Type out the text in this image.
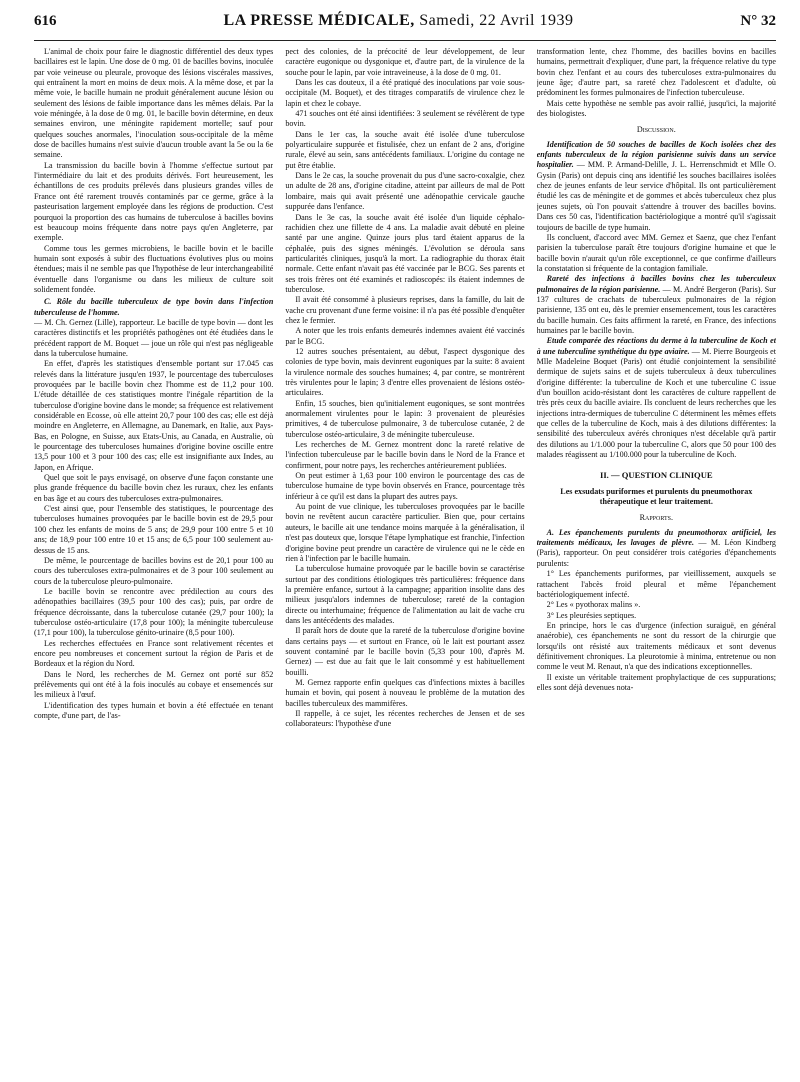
616	LA PRESSE MÉDICALE, Samedi, 22 Avril 1939	N° 32

L'animal de choix pour faire le diagnostic différentiel des deux types bacillaires est le lapin. Une dose de 0 mg. 01 de bacilles bovins, inoculée par voie veineuse ou pleurale, provoque des lésions viscérales massives, qui entraînent la mort en moins de deux mois. A la même dose, et par la même voie, le bacille humain ne produit généralement aucune lésion ou seulement des lésions de faible importance dans les mêmes délais. Par la voie méningée, à la dose de 0 mg. 01, le bacille bovin détermine, en deux semaines environ, une méningite rapidement mortelle; sauf pour quelques souches anormales, l'inoculation sous-occipitale de la même dose de bacilles humains n'est suivie d'aucun trouble avant la 5e ou la 6e semaine.

La transmission du bacille bovin à l'homme s'effectue surtout par l'intermédiaire du lait et des produits dérivés. Fort heureusement, les échantillons de ces produits prélevés dans plusieurs grandes villes de France ont été rarement trouvés contaminés par ce germe, grâce à la pasteurisation largement employée dans les régions de production. C'est pourquoi la proportion des cas humains de tuberculose à bacilles bovins est beaucoup moins fréquente dans notre pays qu'en Angleterre, par exemple.

Comme tous les germes microbiens, le bacille bovin et le bacille humain sont exposés à subir des fluctuations évolutives plus ou moins étendues; mais il ne semble pas que l'hypothèse de leur interchangeabilité éventuelle dans l'organisme ou dans les milieux de culture soit solidement fondée.

C. Rôle du bacille tuberculeux de type bovin dans l'infection tuberculeuse de l'homme.

— M. Ch. Gernez (Lille), rapporteur. Le bacille de type bovin — dont les caractères distinctifs et les propriétés pathogènes ont été étudiées dans le précédent rapport de M. Boquet — joue un rôle qui n'est pas négligeable dans la tuberculose humaine.

En effet, d'après les statistiques d'ensemble portant sur 17.045 cas relevés dans la littérature jusqu'en 1937, le pourcentage des tuberculoses provoquées par le bacille bovin chez l'homme est de 11,2 pour 100. L'étude détaillée de ces statistiques montre l'inégale répartition de la tuberculose d'origine bovine dans le monde; sa fréquence est relativement considérable en Ecosse, où elle atteint 20,7 pour 100 des cas; elle est déjà moindre en Angleterre, en Allemagne, au Danemark, en Italie, aux Pays-Bas, en Pologne, en Suisse, aux Etats-Unis, au Canada, en Australie, où le pourcentage des tuberculoses humaines d'origine bovine oscille entre 13,5 pour 100 et 3 pour 100 des cas; elle est insignifiante aux Indes, au Japon, en Afrique.

Quel que soit le pays envisagé, on observe d'une façon constante une plus grande fréquence du bacille bovin chez les ruraux, chez les enfants en bas âge et au cours des tuberculoses extra-pulmonaires.

C'est ainsi que, pour l'ensemble des statistiques, le pourcentage des tuberculoses humaines provoquées par le bacille bovin est de 29,5 pour 100 chez les enfants de moins de 5 ans; de 29,9 pour 100 entre 5 et 10 ans; de 18,9 pour 100 entre 10 et 15 ans; de 6,5 pour 100 seulement au-dessus de 15 ans.

De même, le pourcentage de bacilles bovins est de 20,1 pour 100 au cours des tuberculoses extra-pulmonaires et de 3 pour 100 seulement au cours de la tuberculose pleuro-pulmonaire.

Le bacille bovin se rencontre avec prédilection au cours des adénopathies bacillaires (39,5 pour 100 des cas); puis, par ordre de fréquence décroissante, dans la tuberculose cutanée (29,7 pour 100); la tuberculose ostéo-articulaire (17,8 pour 100); la méningite tuberculeuse (17,1 pour 100), la tuberculose génito-urinaire (8,5 pour 100).

Les recherches effectuées en France sont relativement récentes et encore peu nombreuses et concernent surtout la région de Paris et de Bordeaux et la région du Nord.

Dans le Nord, les recherches de M. Gernez ont porté sur 852 prélèvements qui ont été à la fois inoculés au cobaye et ensemencés sur les milieux à l'œuf.

L'identification des types humain et bovin a été effectuée en tenant compte, d'une part, de l'as-

pect des colonies, de la précocité de leur développement, de leur caractère eugonique ou dysgonique et, d'autre part, de la virulence de la souche pour le lapin, par voie intraveineuse, à la dose de 0 mg. 01.

Dans les cas douteux, il a été pratiqué des inoculations par voie sous-occipitale (M. Boquet), et des titrages comparatifs de virulence chez le lapin et chez le cobaye.

471 souches ont été ainsi identifiées: 3 seulement se révélèrent de type bovin.

Dans le 1er cas, la souche avait été isolée d'une tuberculose polyarticulaire suppurée et fistulisée, chez un enfant de 2 ans, d'origine rurale, élevé au sein, sans antécédents familiaux. L'origine du contage ne put être établie.

Dans le 2e cas, la souche provenait du pus d'une sacro-coxalgie, chez un adulte de 28 ans, d'origine citadine, atteint par ailleurs de mal de Pott lombaire, mais qui avait présenté une adénopathie cervicale gauche suppurée dans l'enfance.

Dans le 3e cas, la souche avait été isolée d'un liquide céphalo-rachidien chez une fillette de 4 ans. La maladie avait débuté en pleine santé par une angine. Quinze jours plus tard étaient apparus de la céphalée, puis des signes méningés. L'évolution se déroula sans particularités cliniques, jusqu'à la mort. La radiographie du thorax était normale. Cette enfant n'avait pas été vaccinée par le BCG. Ses parents et ses trois frères ont été examinés et radioscopés: ils étaient indemnes de tuberculose.

Il avait été consommé à plusieurs reprises, dans la famille, du lait de vache cru provenant d'une ferme voisine: il n'a pas été possible d'enquêter chez le fermier.

A noter que les trois enfants demeurés indemnes avaient été vaccinés par le BCG.

12 autres souches présentaient, au début, l'aspect dysgonique des colonies de type bovin, mais devinrent eugoniques par la suite: 8 avaient la virulence normale des souches humaines; 4, par contre, se montrèrent très virulentes pour le lapin; 3 d'entre elles provenaient de lésions ostéo-articulaires.

Enfin, 15 souches, bien qu'initialement eugoniques, se sont montrées anormalement virulentes pour le lapin: 3 provenaient de pleurésies primitives, 4 de tuberculose pulmonaire, 3 de tuberculose cutanée, 2 de tuberculose ostéo-articulaire, 3 de méningite tuberculeuse.

Les recherches de M. Gernez montrent donc la rareté relative de l'infection tuberculeuse par le bacille bovin dans le Nord de la France et confirment, pour notre pays, les recherches antérieurement publiées.

On peut estimer à 1,63 pour 100 environ le pourcentage des cas de tuberculose humaine de type bovin observés en France, pourcentage très inférieur à ce qu'il est dans la plupart des autres pays.

Au point de vue clinique, les tuberculoses provoquées par le bacille bovin ne revêtent aucun caractère particulier. Bien que, pour certains auteurs, le bacille ait une tendance moins marquée à la généralisation, il n'est pas douteux que, lorsque l'étape lymphatique est franchie, l'infection d'origine bovine peut prendre un caractère de virulence qui ne le cède en rien à l'infection par le bacille humain.

La tuberculose humaine provoquée par le bacille bovin se caractérise surtout par des conditions étiologiques très particulières: fréquence dans la première enfance, surtout à la campagne; apparition insolite dans des milieux jusqu'alors indemnes de tuberculose; rareté de la contagion directe ou interhumaine; fréquence de l'alimentation au lait de vache cru dans les antécédents des malades.

Il paraît hors de doute que la rareté de la tuberculose d'origine bovine dans certains pays — et surtout en France, où le lait est pourtant assez souvent contaminé par le bacille bovin (5,33 pour 100, d'après M. Gernez) — est due au fait que le lait consommé y est habituellement bouilli.

M. Gernez rapporte enfin quelques cas d'infections mixtes à bacilles humain et bovin, qui posent à nouveau le problème de la mutation des bacilles tuberculeux des mammifères.

Il rappelle, à ce sujet, les récentes recherches de Jensen et de ses collaborateurs: l'hypothèse d'une

transformation lente, chez l'homme, des bacilles bovins en bacilles humains, permettrait d'expliquer, d'une part, la fréquence relative du type bovin chez l'enfant et au cours des tuberculoses extra-pulmonaires du jeune âge; d'autre part, sa rareté chez l'adolescent et d'adulte, où prédominent les formes pulmonaires de l'infection tuberculeuse.

Mais cette hypothèse ne semble pas avoir rallié, jusqu'ici, la majorité des biologistes.

Discussion.

Identification de 50 souches de bacilles de Koch isolées chez des enfants tuberculeux de la région parisienne suivis dans un service hospitalier. — MM. P. Armand-Delille, J. L. Herrenschmidt et Mlle O. Gysin (Paris) ont depuis cinq ans identifié les souches bacillaires isolées chez de jeunes enfants de leur service d'hôpital. Ils ont particulièrement étudié les cas de méningite et de gommes et abcès tuberculeux chez plus jeunes sujets, où l'on pouvait s'attendre à trouver des bacilles bovins. Dans ces 50 cas, l'identification bactériologique a montré qu'il s'agissait toujours de bacille de type humain.

Ils concluent, d'accord avec MM. Gernez et Saenz, que chez l'enfant parisien la tuberculose paraît être toujours d'origine humaine et que le bacille bovin n'aurait qu'un rôle exceptionnel, ce que confirme d'ailleurs la constatation si fréquente de la contagion familiale.

Rareté des infections à bacilles bovins chez les tuberculeux pulmonaires de la région parisienne. — M. André Bergeron (Paris). Sur 137 cultures de crachats de tuberculeux pulmonaires de la région parisienne, 135 ont eu, dès le premier ensemencement, tous les caractères du bacille humain. Ces faits affirment la rareté, en France, des infections humaines par le bacille bovin.

Etude comparée des réactions du derme à la tuberculine de Koch et à une tuberculine synthétique du type aviaire. — M. Pierre Bourgeois et Mlle Madeleine Boquet (Paris) ont étudié conjointement la sensibilité dermique de sujets sains et de sujets tuberculeux à deux tuberculines d'origine différente: la tuberculine de Koch et une tuberculine C issue d'un bouillon acido-résistant dont les caractères de culture rappellent de très près ceux du bacille aviaire. Ils concluent de leurs recherches que les injections intra-dermiques de tuberculine C déterminent les mêmes effets que celles de la tuberculine de Koch, mais à des dilutions différentes: la sensibilité des tuberculeux avérés chroniques n'est décelable qu'à partir des dilutions au 1/1.000 pour la tuberculine C, alors que 50 pour 100 des malades réagissent au 1/100.000 pour la tuberculine de Koch.

II. — QUESTION CLINIQUE
Les exsudats puriformes et purulents du pneumothorax thérapeutique et leur traitement.
Rapports.

A. Les épanchements purulents du pneumothorax artificiel, les traitements médicaux, les lavages de plèvre. — M. Léon Kindberg (Paris), rapporteur. On peut considérer trois catégories d'épanchements purulents:

1° Les épanchements puriformes, par vieillissement, auxquels se rattachent l'abcès froid pleural et même l'épanchement bactériologiquement infecté.

2° Les « pyothorax malins ».

3° Les pleurésies septiques.

En principe, hors le cas d'urgence (infection suraiguë, en général anaérobie), ces épanchements ne sont du ressort de la chirurgie que lorsqu'ils ont résisté aux traitements médicaux et sont devenus définitivement chroniques. La pleurotomie à minima, entretenue ou non comme le veut M. Renaut, n'a que des indications exceptionnelles.

Il existe un véritable traitement prophylactique de ces suppurations; elles sont déjà devenues nota-
